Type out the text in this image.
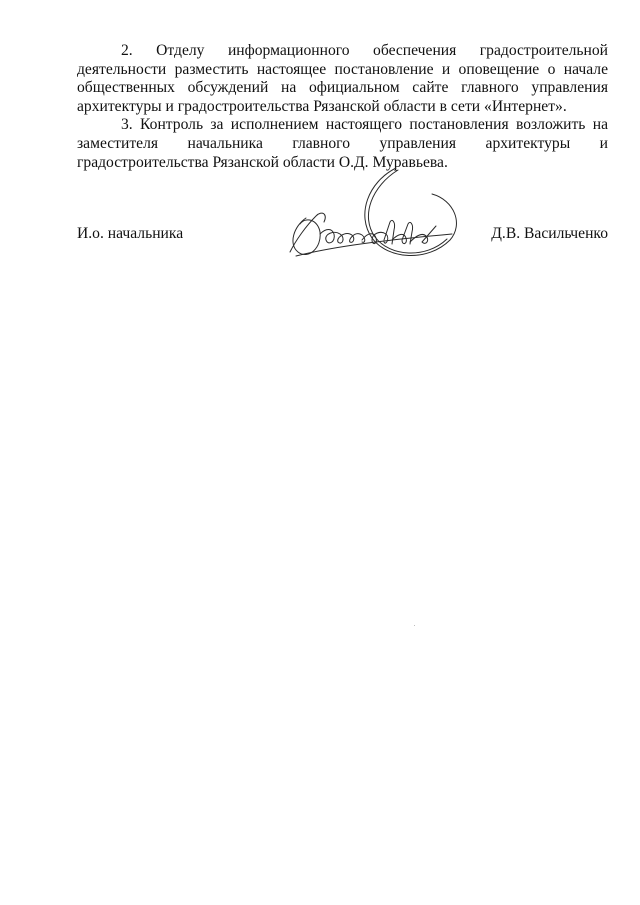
2. Отделу информационного обеспечения градостроительной деятельности разместить настоящее постановление и оповещение о начале общественных обсуждений на официальном сайте главного управления архитектуры и градостроительства Рязанской области в сети «Интернет».

3. Контроль за исполнением настоящего постановления возложить на заместителя начальника главного управления архитектуры и градостроительства Рязанской области О.Д. Муравьева.

И.о. начальника	Д.В. Васильченко
